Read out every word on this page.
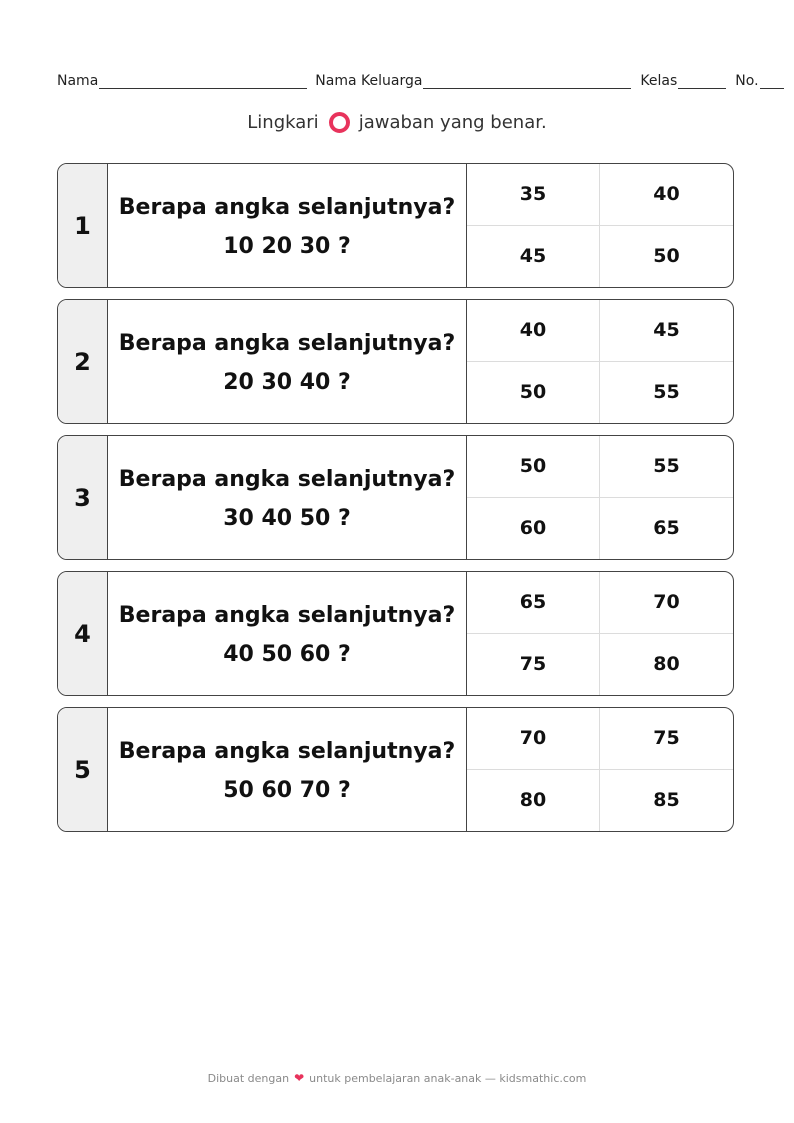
Nama	Nama Keluarga	Kelas	No.
Lingkari jawaban yang benar.
1
Berapa angka selanjutnya?
10 20 30 ?
35	40
45	50
2
Berapa angka selanjutnya?
20 30 40 ?
40	45
50	55
3
Berapa angka selanjutnya?
30 40 50 ?
50	55
60	65
4
Berapa angka selanjutnya?
40 50 60 ?
65	70
75	80
5
Berapa angka selanjutnya?
50 60 70 ?
70	75
80	85
Dibuat dengan ❤ untuk pembelajaran anak-anak — kidsmathic.com
